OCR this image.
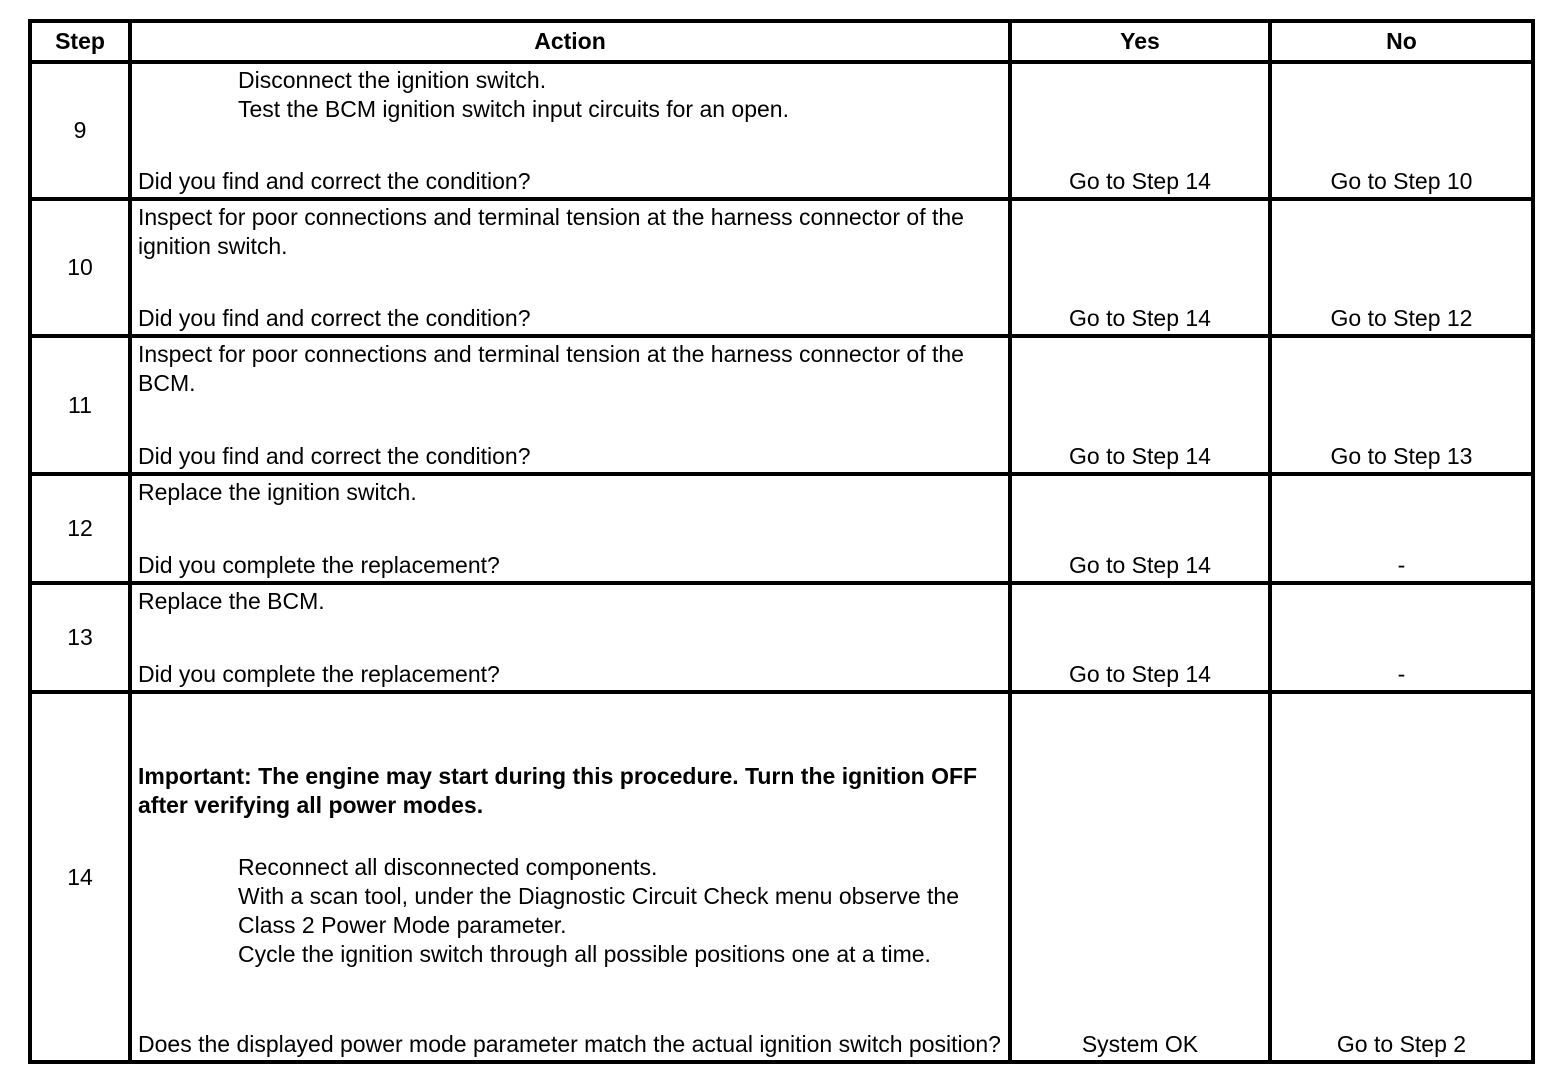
Step	Action	Yes	No
9	Disconnect the ignition switch.
Test the BCM ignition switch input circuits for an open.
Did you find and correct the condition?	Go to Step 14	Go to Step 10
10	Inspect for poor connections and terminal tension at the harness connector of the ignition switch.
Did you find and correct the condition?	Go to Step 14	Go to Step 12
11	Inspect for poor connections and terminal tension at the harness connector of the BCM.
Did you find and correct the condition?	Go to Step 14	Go to Step 13
12	Replace the ignition switch.
Did you complete the replacement?	Go to Step 14	-
13	Replace the BCM.
Did you complete the replacement?	Go to Step 14	-
14	Important: The engine may start during this procedure. Turn the ignition OFF after verifying all power modes.
Reconnect all disconnected components.
With a scan tool, under the Diagnostic Circuit Check menu observe the Class 2 Power Mode parameter.
Cycle the ignition switch through all possible positions one at a time.
Does the displayed power mode parameter match the actual ignition switch position?	System OK	Go to Step 2
